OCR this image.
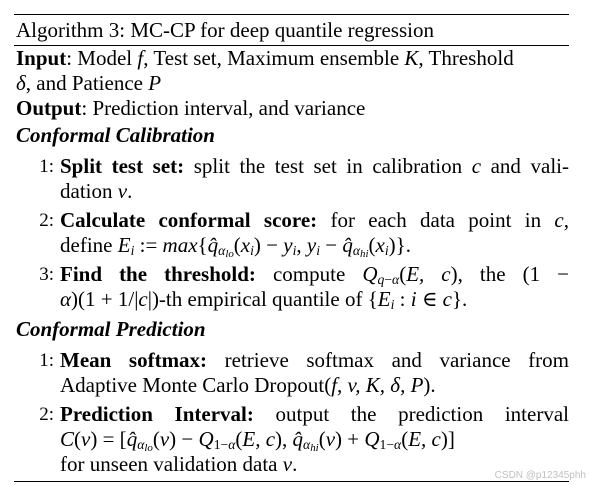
Algorithm 3: MC-CP for deep quantile regression
Input: Model f, Test set, Maximum ensemble K, Threshold
δ, and Patience P
Output: Prediction interval, and variance
Conformal Calibration
1: Split test set: split the test set in calibration c and vali-
dation v.
2: Calculate conformal score: for each data point in c,
define $E_i$ := $\max\{q̂_{\alpha_{lo}}(x_i) - y_i$, $y_i$ − $q̂_{\alpha_{hi}}(x_i)$}.
3: Find the threshold: compute $Q_{q-\alpha}(E$, c), the (1 −
α)(1 + 1/|c|)-th empirical quantile of {$E_i$ : i ∈ c}.
Conformal Prediction
1: Mean softmax: retrieve softmax and variance from
Adaptive Monte Carlo Dropout(f, v, K, δ, P).
2: Prediction Interval: output the prediction interval
$C(v) = [q̂_{\alpha_{lo}}(v) - Q_{1-\alpha}(E$, c), $q̂_{\alpha_{hi}}(v) + Q_{1-\alpha}(E$, c)]
for unseen validation data v.	CSDN @p12345phh
